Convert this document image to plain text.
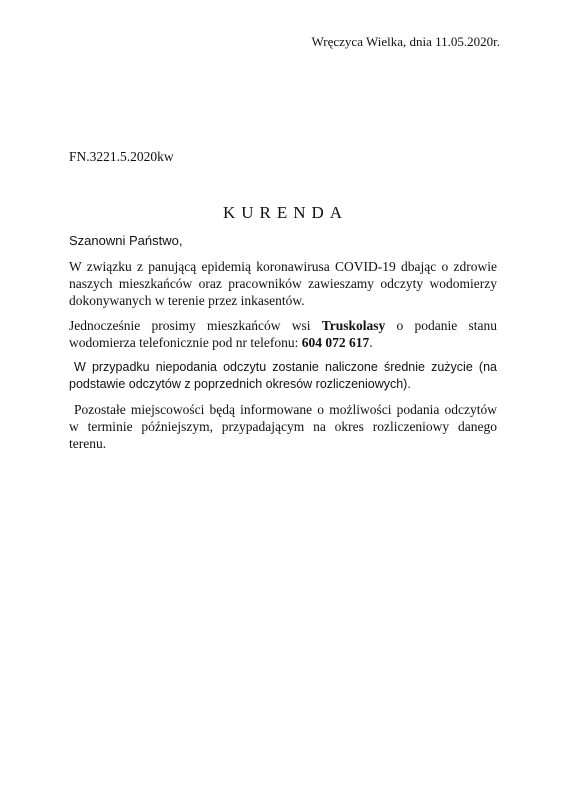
Wręczyca Wielka, dnia 11.05.2020r.
FN.3221.5.2020kw
KURENDA

Szanowni Państwo,

W związku z panującą epidemią koronawirusa COVID-19 dbając o zdrowie naszych mieszkańców oraz pracowników zawieszamy odczyty wodomierzy dokonywanych w terenie przez inkasentów.

Jednocześnie prosimy mieszkańców wsi Truskolasy o podanie stanu wodomierza telefonicznie pod nr telefonu: 604 072 617.

W przypadku niepodania odczytu zostanie naliczone średnie zużycie (na podstawie odczytów z poprzednich okresów rozliczeniowych).

Pozostałe miejscowości będą informowane o możliwości podania odczytów w terminie późniejszym, przypadającym na okres rozliczeniowy danego terenu.
